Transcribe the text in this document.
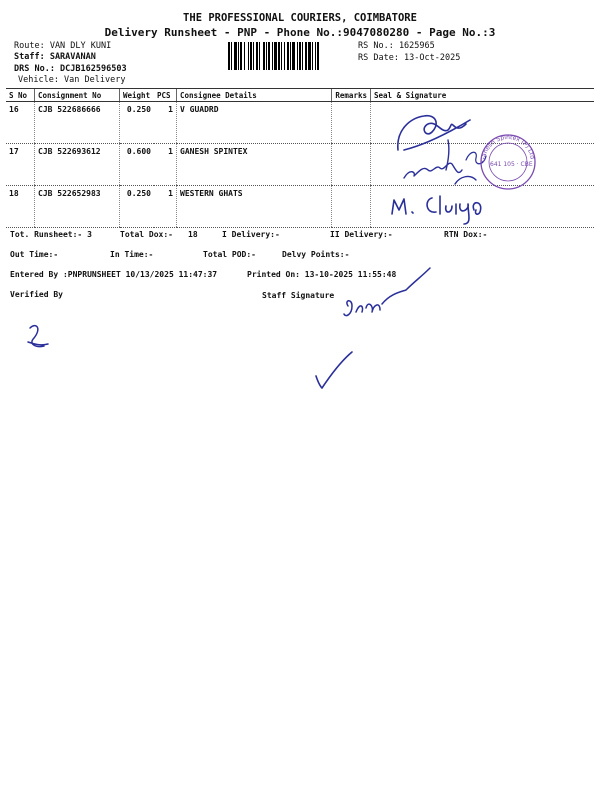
THE PROFESSIONAL COURIERS, COIMBATORE
Delivery Runsheet - PNP - Phone No.:9047080280 - Page No.:3
Route: VAN DLY KUNI
Staff: SARAVANAN
DRS No.: DCJB162596503
Vehicle: Van Delivery
RS No.: 1625965
RS Date: 13-Oct-2025
S No	Consignment No	Weight	PCS	Consignee Details	Remarks	Seal & Signature
16	CJB 522686666	0.250	1	V GUADRD		
17	CJB 522693612	0.600	1	GANESH SPINTEX		
18	CJB 522652983	0.250	1	WESTERN GHATS		
Tot. Runsheet:- 3	Total Dox:- 18	I Delivery:-	II Delivery:-	RTN Dox:-
Out Time:-	In Time:-	Total POD:-	Delvy Points:-
Entered By :PNPRUNSHEET 10/13/2025 11:47:37	Printed On: 13-10-2025 11:55:48
Verified By	Staff Signature
Ganesh Spintex (P) Ltd
641 105 · CBE
